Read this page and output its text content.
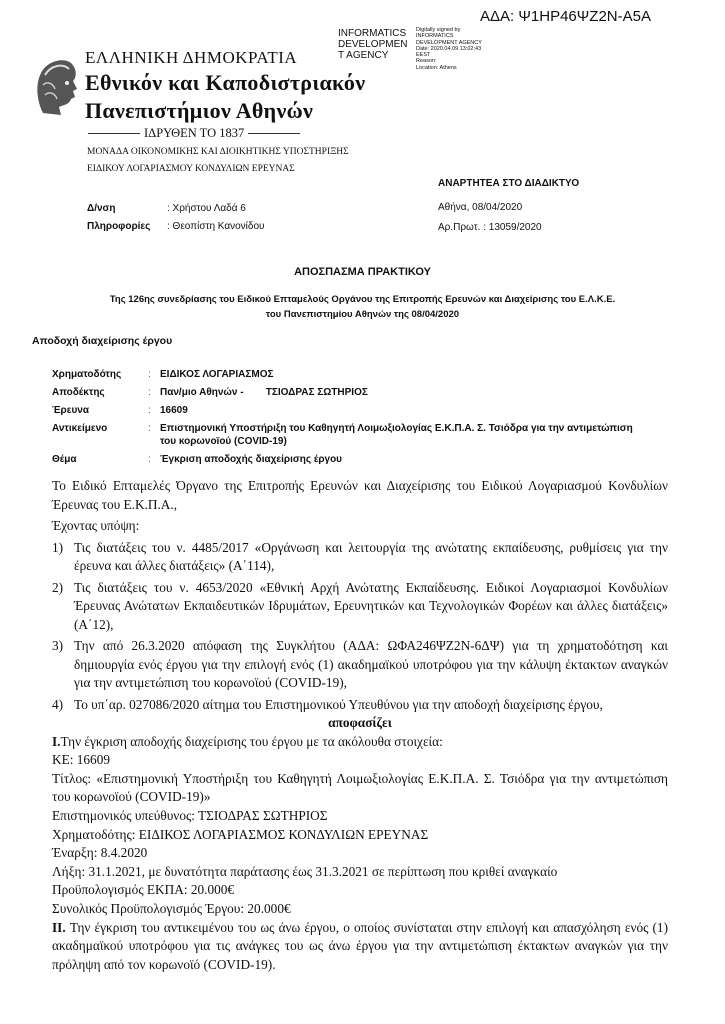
ΑΔΑ: Ψ1ΗΡ46ΨΖ2Ν-Α5Α
INFORMATICS
DEVELOPMEN
T AGENCY
Digitally signed by
INFORMATICS
DEVELOPMENT AGENCY
Date: 2020.04.09 13:02:43
EEST
Reason:
Location: Athens
ΕΛΛΗΝΙΚΗ ΔΗΜΟΚΡΑΤΙΑ
Εθνικόν και Καποδιστριακόν
Πανεπιστήμιον Αθηνών
ΙΔΡΥΘΕΝ ΤΟ 1837
ΜΟΝΑΔΑ ΟΙΚΟΝΟΜΙΚΗΣ ΚΑΙ ΔΙΟΙΚΗΤΙΚΗΣ ΥΠΟΣΤΗΡΙΞΗΣ
ΕΙΔΙΚΟΥ ΛΟΓΑΡΙΑΣΜΟΥ ΚΟΝΔΥΛΙΩΝ ΕΡΕΥΝΑΣ
ΑΝΑΡΤΗΤΕΑ ΣΤΟ ΔΙΑΔΙΚΤΥΟ
Δ/νση	: Χρήστου Λαδά 6
Πληροφορίες : Θεοπίστη Κανονίδου
Αθήνα, 08/04/2020
Αρ.Πρωτ. : 13059/2020
ΑΠΟΣΠΑΣΜΑ ΠΡΑΚΤΙΚΟΥ
Της 126ης συνεδρίασης του Ειδικού Επταμελούς Οργάνου της Επιτροπής Ερευνών και Διαχείρισης του Ε.Λ.Κ.Ε.
του Πανεπιστημίου Αθηνών της 08/04/2020
Αποδοχή διαχείρισης έργου
Χρηματοδότης	: ΕΙΔΙΚΟΣ ΛΟΓΑΡΙΑΣΜΟΣ
Αποδέκτης	: Παν/μιο Αθηνών -        ΤΣΙΟΔΡΑΣ ΣΩΤΗΡΙΟΣ
Έρευνα	: 16609
Αντικείμενο	: Επιστημονική Υποστήριξη του Καθηγητή Λοιμωξιολογίας Ε.Κ.Π.Α. Σ. Τσιόδρα για την αντιμετώπιση του κορωνοϊού (COVID-19)
Θέμα	: Έγκριση αποδοχής διαχείρισης έργου

Το Ειδικό Επταμελές Όργανο της Επιτροπής Ερευνών και Διαχείρισης του Ειδικού Λογαριασμού Κονδυλίων Έρευνας του Ε.Κ.Π.Α.,

Έχοντας υπόψη:

1) Τις διατάξεις του ν. 4485/2017 «Οργάνωση και λειτουργία της ανώτατης εκπαίδευσης, ρυθμίσεις για την έρευνα και άλλες διατάξεις» (Α΄114),
2) Τις διατάξεις του ν. 4653/2020 «Εθνική Αρχή Ανώτατης Εκπαίδευσης. Ειδικοί Λογαριασμοί Κονδυλίων Έρευνας Ανώτατων Εκπαιδευτικών Ιδρυμάτων, Ερευνητικών και Τεχνολογικών Φορέων και άλλες διατάξεις» (Α΄12),
3) Την από 26.3.2020 απόφαση της Συγκλήτου (ΑΔΑ: ΩΦΑ246ΨΖ2Ν-6ΔΨ) για τη χρηματοδότηση και δημιουργία ενός έργου για την επιλογή ενός (1) ακαδημαϊκού υποτρόφου για την κάλυψη έκτακτων αναγκών για την αντιμετώπιση του κορωνοϊού (COVID-19),
4) Το υπ΄αρ. 027086/2020 αίτημα του Επιστημονικού Υπευθύνου για την αποδοχή διαχείρισης έργου,

αποφασίζει

I.Την έγκριση αποδοχής διαχείρισης του έργου με τα ακόλουθα στοιχεία:

ΚΕ: 16609

Τίτλος: «Επιστημονική Υποστήριξη του Καθηγητή Λοιμωξιολογίας Ε.Κ.Π.Α. Σ. Τσιόδρα για την αντιμετώπιση του κορωνοϊού (COVID-19)»

Επιστημονικός υπεύθυνος: ΤΣΙΟΔΡΑΣ ΣΩΤΗΡΙΟΣ

Χρηματοδότης: ΕΙΔΙΚΟΣ ΛΟΓΑΡΙΑΣΜΟΣ ΚΟΝΔΥΛΙΩΝ ΕΡΕΥΝΑΣ

Έναρξη: 8.4.2020

Λήξη: 31.1.2021, με δυνατότητα παράτασης έως 31.3.2021 σε περίπτωση που κριθεί αναγκαίο

Προϋπολογισμός ΕΚΠΑ: 20.000€

Συνολικός Προϋπολογισμός Έργου: 20.000€

II. Την έγκριση του αντικειμένου του ως άνω έργου, ο οποίος συνίσταται στην επιλογή και απασχόληση ενός (1) ακαδημαϊκού υποτρόφου για τις ανάγκες του ως άνω έργου για την αντιμετώπιση έκτακτων αναγκών για την πρόληψη από τον κορωνοϊό (COVID-19).
